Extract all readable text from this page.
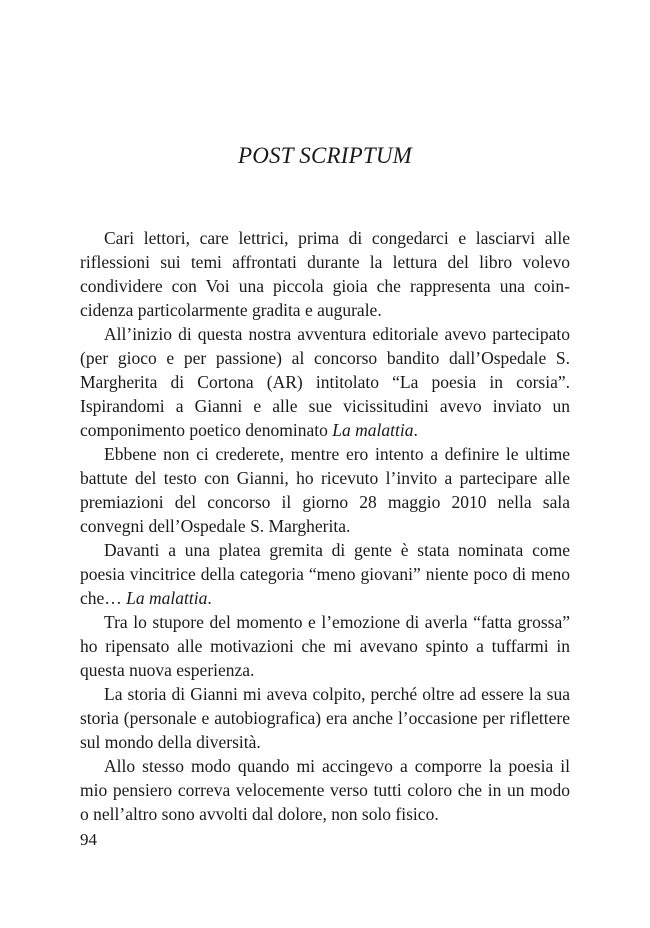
POST SCRIPTUM

Cari lettori, care lettrici, prima di congedarci e lasciarvi alle riflessioni sui temi affrontati durante la lettura del libro volevo condividere con Voi una piccola gioia che rappresenta una coincidenza particolarmente gradita e augurale.

All’inizio di questa nostra avventura editoriale avevo partecipato (per gioco e per passione) al concorso bandito dall’Ospedale S. Margherita di Cortona (AR) intitolato “La poesia in corsia”. Ispirandomi a Gianni e alle sue vicissitudini avevo inviato un componimento poetico denominato La malattia.

Ebbene non ci crederete, mentre ero intento a definire le ultime battute del testo con Gianni, ho ricevuto l’invito a partecipare alle premiazioni del concorso il giorno 28 maggio 2010 nella sala convegni dell’Ospedale S. Margherita.

Davanti a una platea gremita di gente è stata nominata come poesia vincitrice della categoria “meno giovani” niente poco di meno che… La malattia.

Tra lo stupore del momento e l’emozione di averla “fatta grossa” ho ripensato alle motivazioni che mi avevano spinto a tuffarmi in questa nuova esperienza.

La storia di Gianni mi aveva colpito, perché oltre ad essere la sua storia (personale e autobiografica) era anche l’occasione per riflettere sul mondo della diversità.

Allo stesso modo quando mi accingevo a comporre la poesia il mio pensiero correva velocemente verso tutti coloro che in un modo o nell’altro sono avvolti dal dolore, non solo fisico.

94
